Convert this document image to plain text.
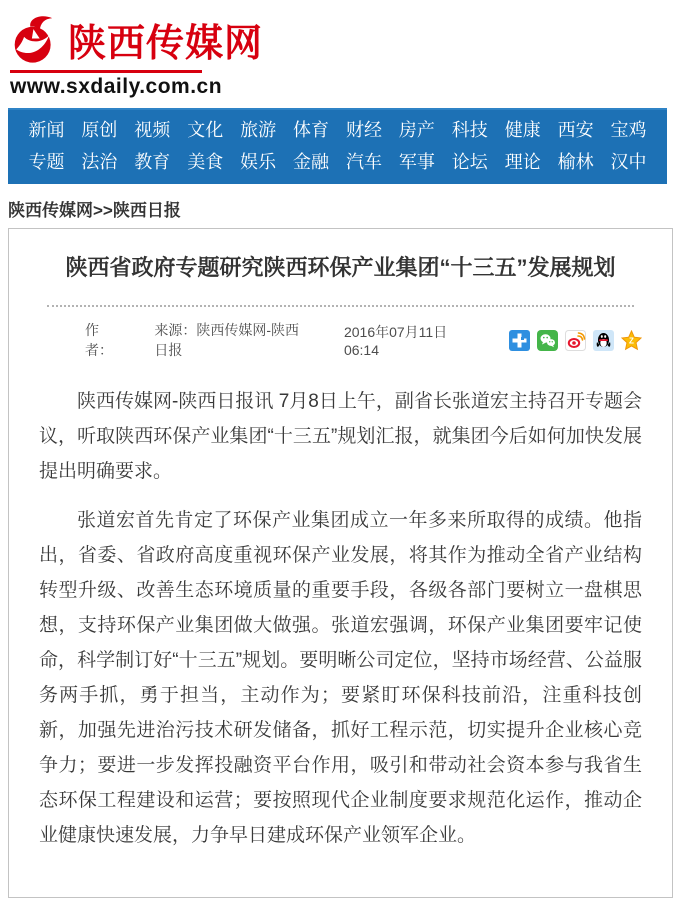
陕西传媒网
www.sxdaily.com.cn
新闻 原创 视频 文化 旅游 体育 财经 房产 科技 健康 西安 宝鸡
专题 法治 教育 美食 娱乐 金融 汽车 军事 论坛 理论 榆林 汉中
陕西传媒网>>陕西日报
陕西省政府专题研究陕西环保产业集团“十三五”发展规划
作者：
来源：陕西传媒网-陕西日报
2016年07月11日06:14
Z

陕西传媒网-陕西日报讯 7月8日上午，副省长张道宏主持召开专题会议，听取陕西环保产业集团“十三五”规划汇报，就集团今后如何加快发展提出明确要求。

张道宏首先肯定了环保产业集团成立一年多来所取得的成绩。他指出，省委、省政府高度重视环保产业发展，将其作为推动全省产业结构转型升级、改善生态环境质量的重要手段，各级各部门要树立一盘棋思想，支持环保产业集团做大做强。张道宏强调，环保产业集团要牢记使命，科学制订好“十三五”规划。要明晰公司定位，坚持市场经营、公益服务两手抓，勇于担当，主动作为；要紧盯环保科技前沿，注重科技创新，加强先进治污技术研发储备，抓好工程示范，切实提升企业核心竞争力；要进一步发挥投融资平台作用，吸引和带动社会资本参与我省生态环保工程建设和运营；要按照现代企业制度要求规范化运作，推动企业健康快速发展，力争早日建成环保产业领军企业。
